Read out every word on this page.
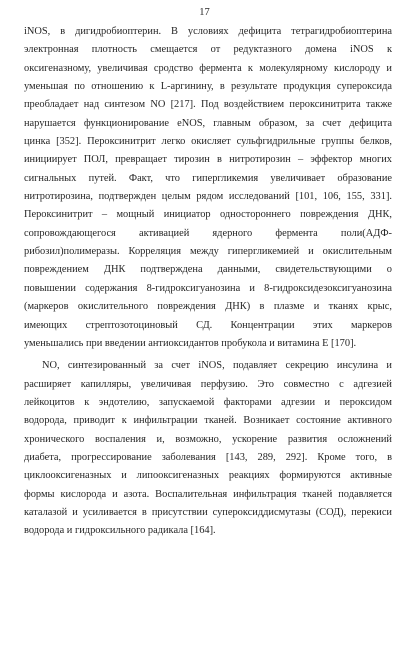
17
iNOS, в дигидробиоптерин. В условиях дефицита тетрагидробиоптерина
электронная плотность смещается от редуктазного домена iNOS к
оксигеназному, увеличивая сродство фермента к молекулярному кислороду и
уменьшая по отношению к L-аргинину, в результате продукция супероксида
преобладает над синтезом NO [217]. Под воздействием пероксинитрита также
нарушается функционирование eNOS, главным образом, за счет дефицита
цинка [352]. Пероксинитрит легко окисляет сульфгидрильные группы белков,
инициирует ПОЛ, превращает тирозин в нитротирозин – эффектор многих
сигнальных путей. Факт, что гипергликемия увеличивает образование
нитротирозина, подтвержден целым рядом исследований [101, 106, 155, 331].
Пероксинитрит – мощный инициатор одностороннего повреждения ДНК,
сопровождающегося активацией ядерного фермента поли(АДФ-
рибозил)полимеразы. Корреляция между гипергликемией и окислительным
повреждением ДНК подтверждена данными, свидетельствующими о
повышении содержания 8-гидроксигуанозина и 8-гидроксидезоксигуанозина
(маркеров окислительного повреждения ДНК) в плазме и тканях крыс,
имеющих стрептозотоциновый СД. Концентрации этих маркеров
уменьшались при введении антиоксидантов пробукола и витамина Е [170].
NO, синтезированный за счет iNOS, подавляет секрецию инсулина и
расширяет капилляры, увеличивая перфузию. Это совместно с адгезией
лейкоцитов к эндотелию, запускаемой факторами адгезии и пероксидом
водорода, приводит к инфильтрации тканей. Возникает состояние активного
хронического воспаления и, возможно, ускорение развития осложнений
диабета, прогрессирование заболевания [143, 289, 292]. Кроме того, в
циклооксигеназных и липооксигеназных реакциях формируются активные
формы кислорода и азота. Воспалительная инфильтрация тканей подавляется
каталазой и усиливается в присутствии супероксиддисмутазы (СОД), перекиси
водорода и гидроксильного радикала [164].
